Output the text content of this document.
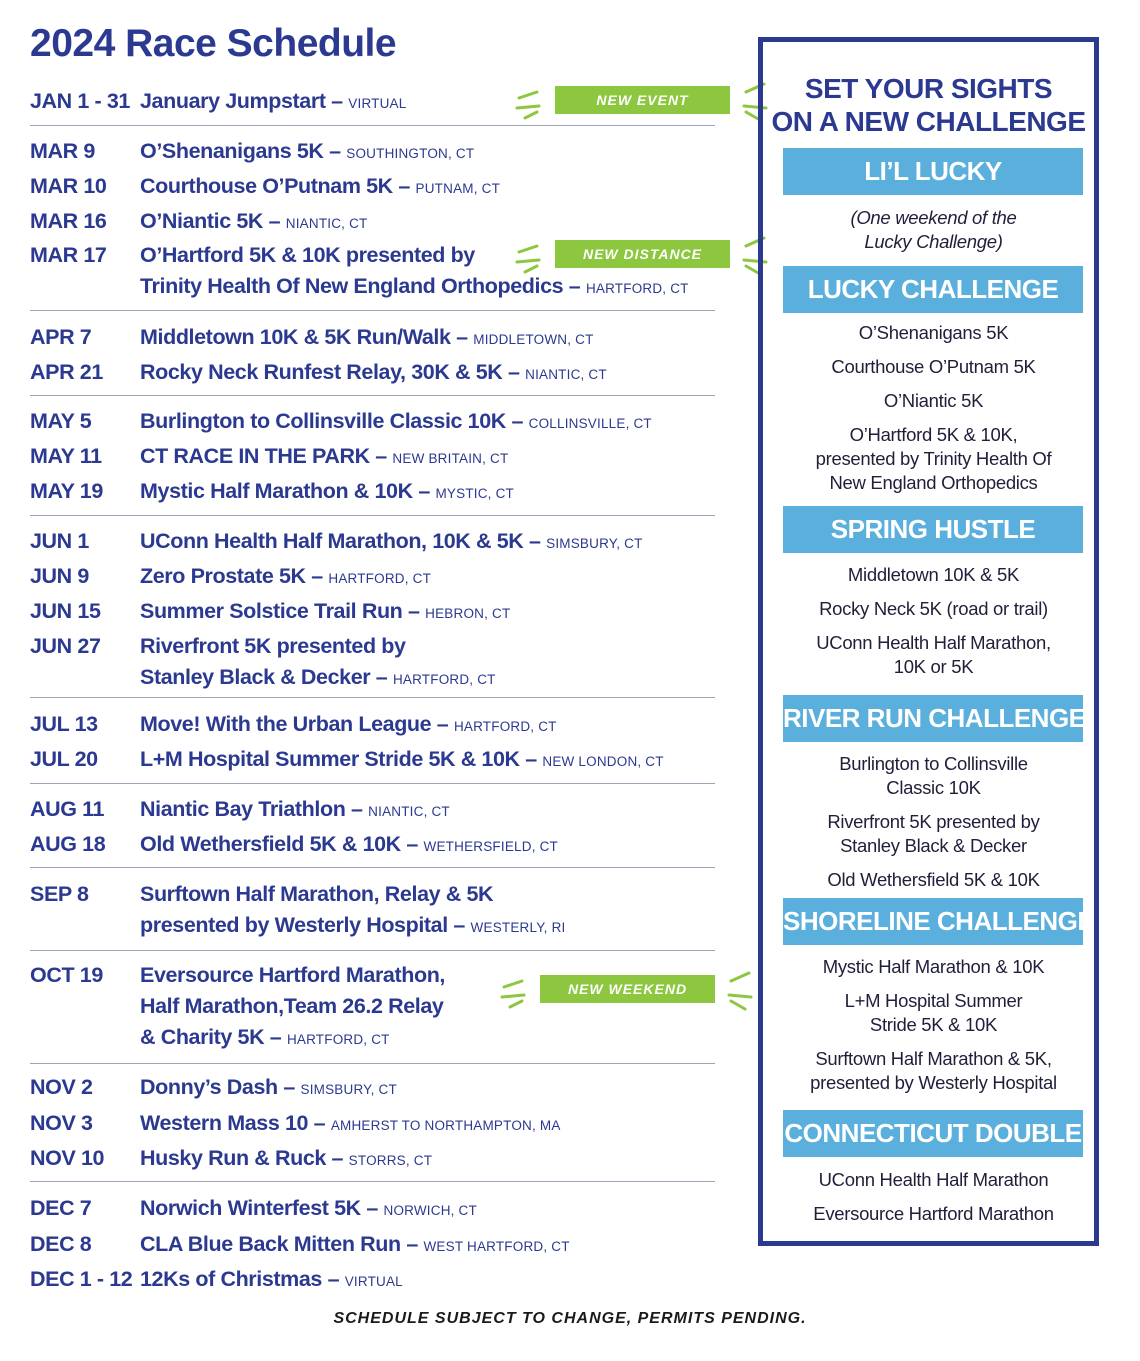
2024 Race Schedule
JAN 1 - 31 January Jumpstart – VIRTUAL	NEW EVENT
MAR 9	O’Shenanigans 5K – SOUTHINGTON, CT
MAR 10	Courthouse O’Putnam 5K – PUTNAM, CT
MAR 16	O’Niantic 5K – NIANTIC, CT
MAR 17	O’Hartford 5K & 10K presented by
Trinity Health Of New England Orthopedics – HARTFORD, CT
NEW DISTANCE
APR 7	Middletown 10K & 5K Run/Walk – MIDDLETOWN, CT
APR 21	Rocky Neck Runfest Relay, 30K & 5K – NIANTIC, CT
MAY 5	Burlington to Collinsville Classic 10K – COLLINSVILLE, CT
MAY 11	CT RACE IN THE PARK – NEW BRITAIN, CT
MAY 19	Mystic Half Marathon & 10K – MYSTIC, CT
JUN 1	UConn Health Half Marathon, 10K & 5K – SIMSBURY, CT
JUN 9	Zero Prostate 5K – HARTFORD, CT
JUN 15	Summer Solstice Trail Run – HEBRON, CT
JUN 27	Riverfront 5K presented by
Stanley Black & Decker – HARTFORD, CT
JUL 13	Move! With the Urban League – HARTFORD, CT
JUL 20	L+M Hospital Summer Stride 5K & 10K – NEW LONDON, CT
AUG 11	Niantic Bay Triathlon – NIANTIC, CT
AUG 18	Old Wethersfield 5K & 10K – WETHERSFIELD, CT
SEP 8	Surftown Half Marathon, Relay & 5K
presented by Westerly Hospital – WESTERLY, RI
OCT 19	Eversource Hartford Marathon,
Half Marathon,Team 26.2 Relay
& Charity 5K – HARTFORD, CT
NEW WEEKEND
NOV 2	Donny’s Dash – SIMSBURY, CT
NOV 3	Western Mass 10 – AMHERST TO NORTHAMPTON, MA
NOV 10	Husky Run & Ruck – STORRS, CT
DEC 7	Norwich Winterfest 5K – NORWICH, CT
DEC 8	CLA Blue Back Mitten Run – WEST HARTFORD, CT
DEC 1 - 12 12Ks of Christmas – VIRTUAL
SET YOUR SIGHTS
ON A NEW CHALLENGE
LI’L LUCKY
(One weekend of the
Lucky Challenge)
LUCKY CHALLENGE
O’Shenanigans 5K
Courthouse O’Putnam 5K
O’Niantic 5K
O’Hartford 5K & 10K,
presented by Trinity Health Of
New England Orthopedics
SPRING HUSTLE
Middletown 10K & 5K
Rocky Neck 5K (road or trail)
UConn Health Half Marathon,
10K or 5K
RIVER RUN CHALLENGE
Burlington to Collinsville
Classic 10K
Riverfront 5K presented by
Stanley Black & Decker
Old Wethersfield 5K & 10K
SHORELINE CHALLENGE
Mystic Half Marathon & 10K
L+M Hospital Summer
Stride 5K & 10K
Surftown Half Marathon & 5K,
presented by Westerly Hospital
CONNECTICUT DOUBLE
UConn Health Half Marathon
Eversource Hartford Marathon
SCHEDULE SUBJECT TO CHANGE, PERMITS PENDING.
